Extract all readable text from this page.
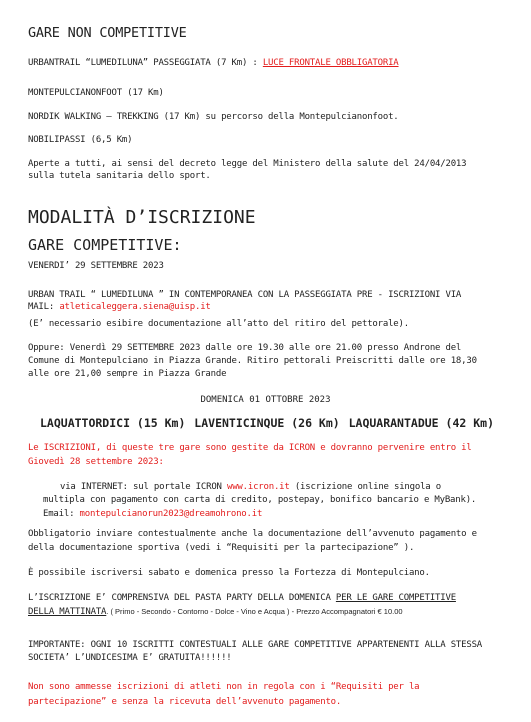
GARE NON COMPETITIVE
URBANTRAIL “LUMEDILUNA” PASSEGGIATA (7 Km) : LUCE FRONTALE OBBLIGATORIA
MONTEPULCIANONFOOT (17 Km)
NORDIK WALKING – TREKKING (17 Km) su percorso della Montepulcianonfoot.
NOBILIPASSI (6,5 Km)
Aperte a tutti, ai sensi del decreto legge del Ministero della salute del 24/04/2013
sulla tutela sanitaria dello sport.
MODALITÀ D’ISCRIZIONE
GARE COMPETITIVE:
VENERDI’ 29 SETTEMBRE 2023
URBAN TRAIL “ LUMEDILUNA ” IN CONTEMPORANEA CON LA PASSEGGIATA PRE - ISCRIZIONI VIA
MAIL: atleticaleggera.siena@uisp.it
(E’ necessario esibire documentazione all’atto del ritiro del pettorale).
Oppure: Venerdì 29 SETTEMBRE 2023 dalle ore 19.30 alle ore 21.00 presso Androne del
Comune di Montepulciano in Piazza Grande. Ritiro pettorali Preiscritti dalle ore 18,30
alle ore 21,00 sempre in Piazza Grande
DOMENICA 01 OTTOBRE 2023
LAQUATTORDICI (15 Km) LAVENTICINQUE (26 Km) LAQUARANTADUE (42 Km)
Le ISCRIZIONI, di queste tre gare sono gestite da ICRON e dovranno pervenire entro il
Giovedì 28 settembre 2023:
via INTERNET: sul portale ICRON www.icron.it (iscrizione online singola o
multipla con pagamento con carta di credito, postepay, bonifico bancario e MyBank).
Email: montepulcianorun2023@dreamohrono.it
Obbligatorio inviare contestualmente anche la documentazione dell’avvenuto pagamento e
della documentazione sportiva (vedi i “Requisiti per la partecipazione” ).
È possibile iscriversi sabato e domenica presso la Fortezza di Montepulciano.
L’ISCRIZIONE E’ COMPRENSIVA DEL PASTA PARTY DELLA DOMENICA PER LE GARE COMPETITIVE
DELLA MATTINATA. ( Primo - Secondo - Contorno - Dolce - Vino e Acqua ) - Prezzo Accompagnatori € 10.00
IMPORTANTE: OGNI 10 ISCRITTI CONTESTUALI ALLE GARE COMPETITIVE APPARTENENTI ALLA STESSA
SOCIETA’ L’UNDICESIMA E’ GRATUITA!!!!!!
Non sono ammesse iscrizioni di atleti non in regola con i “Requisiti per la
partecipazione” e senza la ricevuta dell’avvenuto pagamento.
